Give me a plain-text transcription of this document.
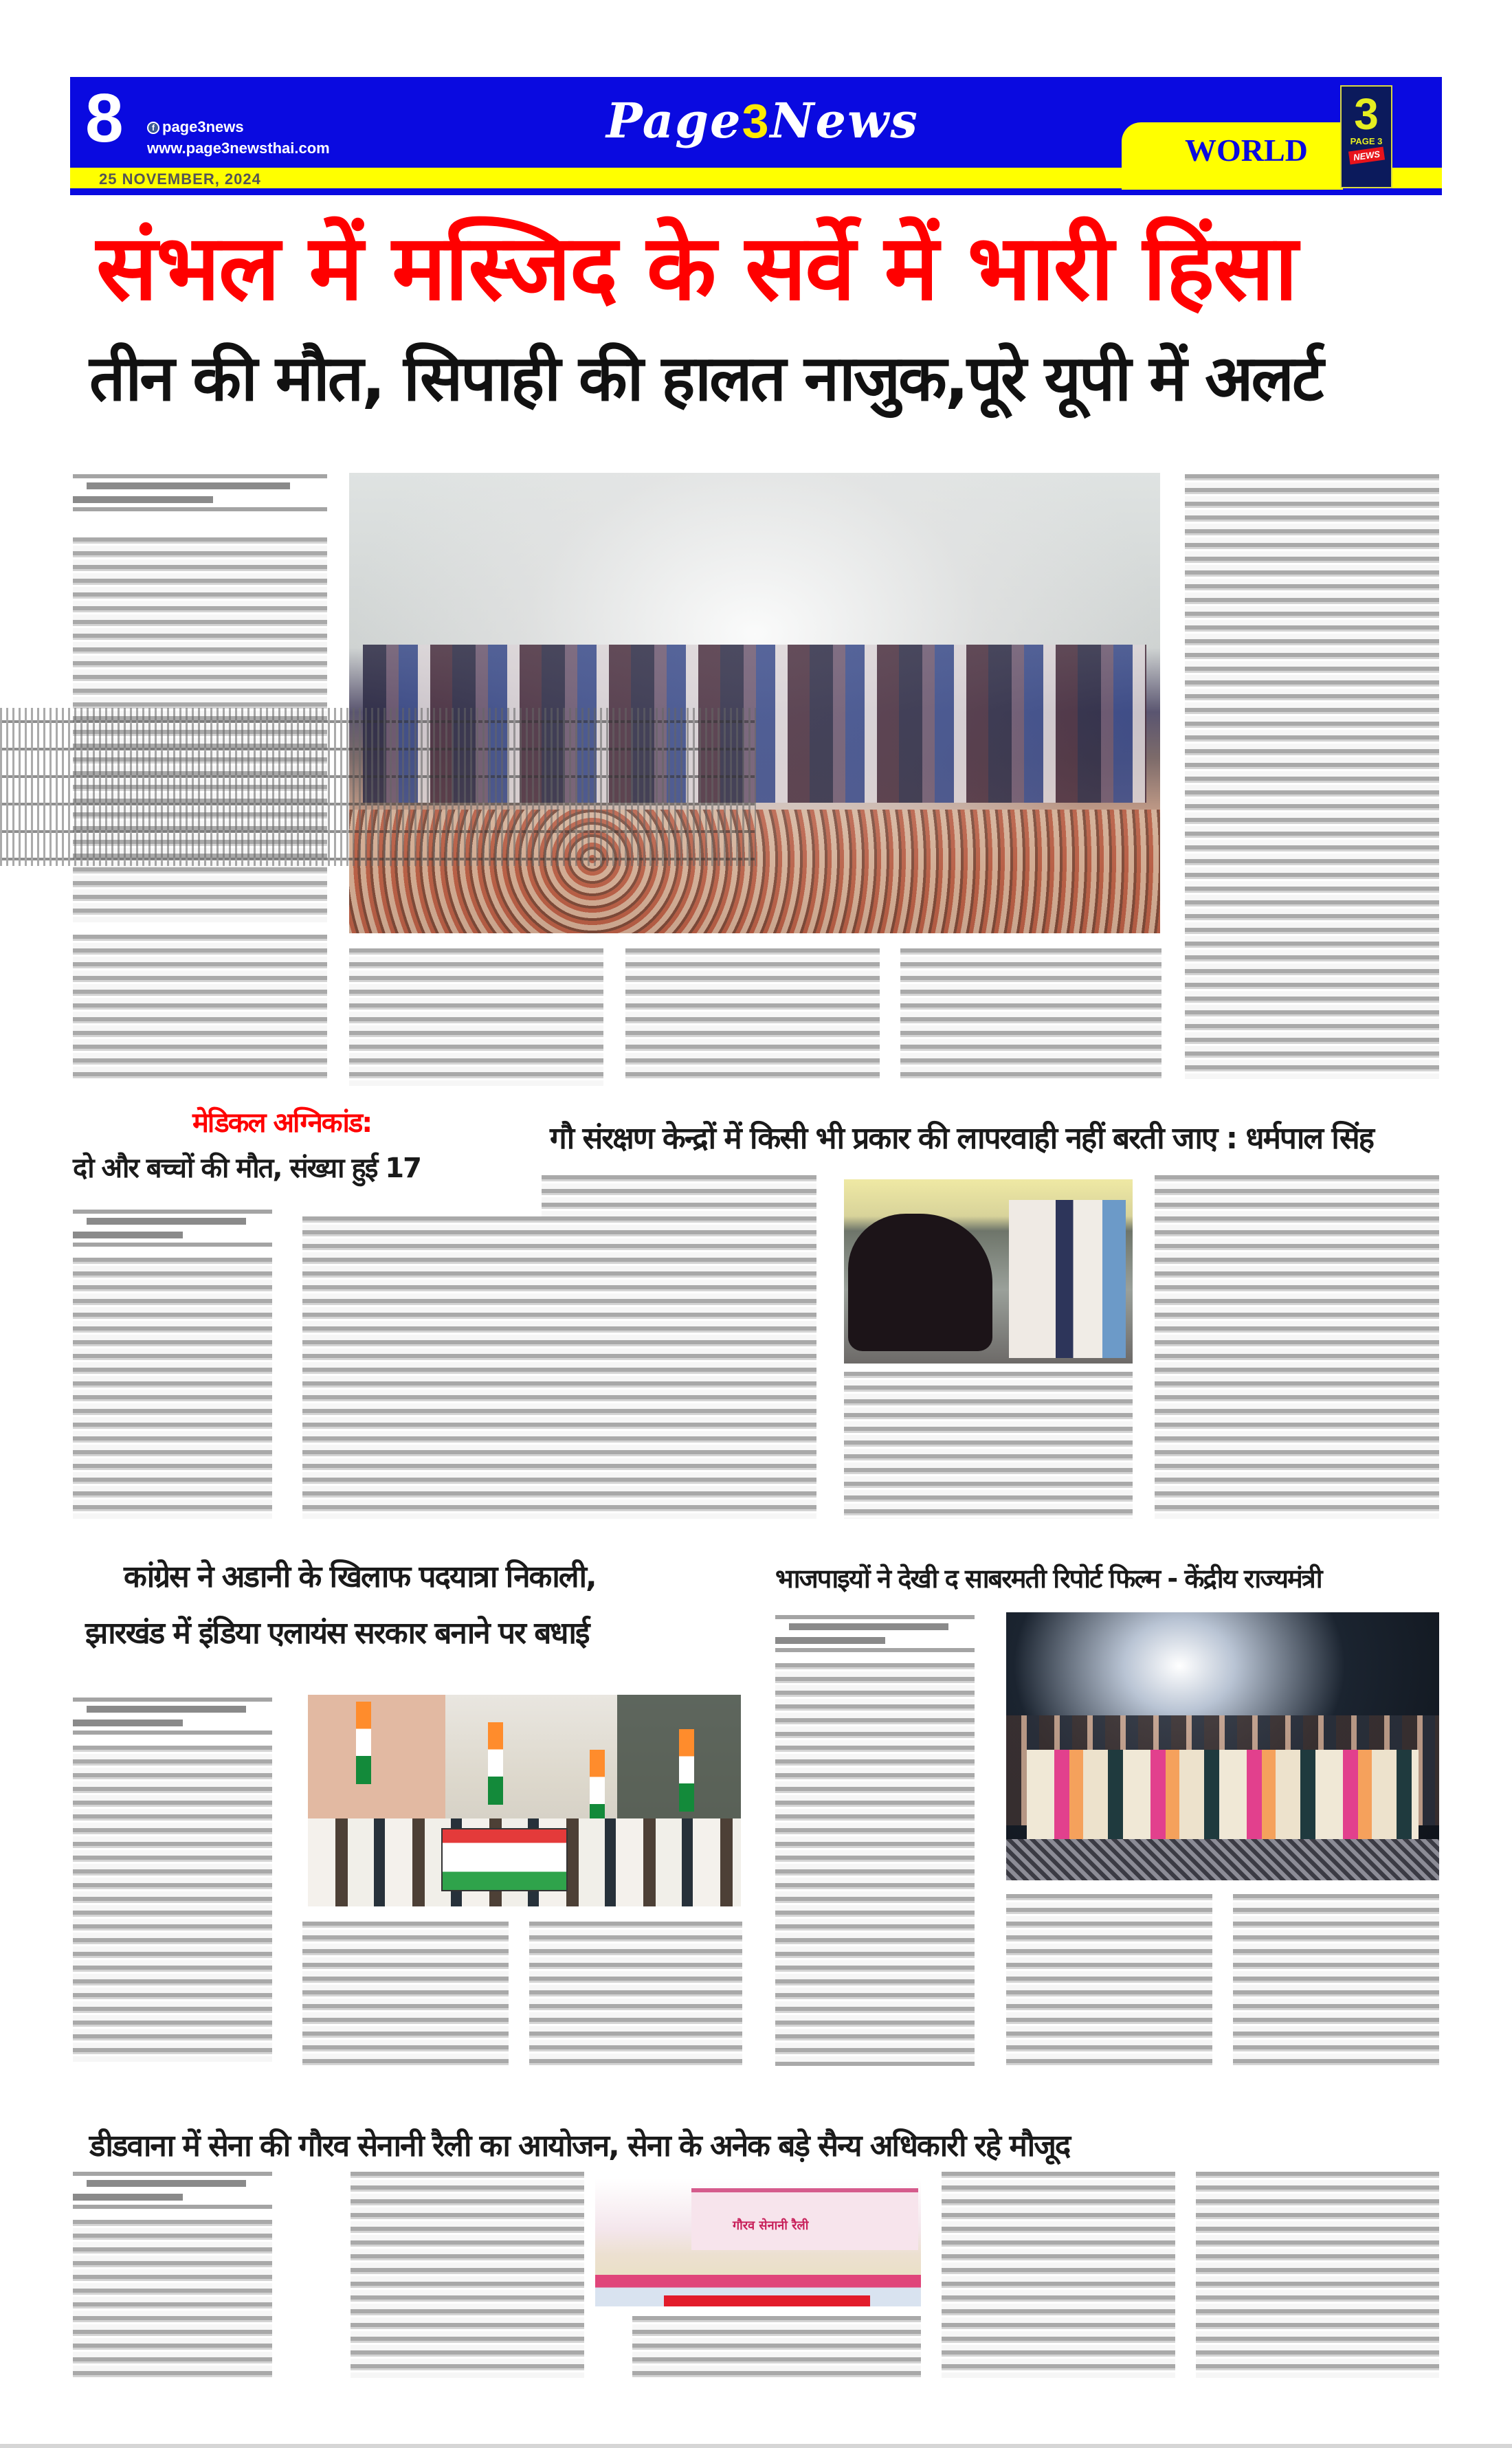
8	f page3news
www.page3newsthai.com
25 NOVEMBER, 2024
Page3News
WORLD
3
PAGE 3
NEWS
संभल में मस्जिद के सर्वे में भारी हिंसा
तीन की मौत, सिपाही की हालत नाजुक,पूरे यूपी में अलर्ट
मेडिकल अग्निकांड:
दो और बच्चों की मौत, संख्या हुई 17
गौ संरक्षण केन्द्रों में किसी भी प्रकार की लापरवाही नहीं बरती जाए : धर्मपाल सिंह
कांग्रेस ने अडानी के खिलाफ पदयात्रा निकाली,
झारखंड में इंडिया एलायंस सरकार बनाने पर बधाई
भाजपाइयों ने देखी द साबरमती रिपोर्ट फिल्म - केंद्रीय राज्यमंत्री
डीडवाना में सेना की गौरव सेनानी रैली का आयोजन, सेना के अनेक बड़े सैन्य अधिकारी रहे मौजूद
गौरव सेनानी रैली
